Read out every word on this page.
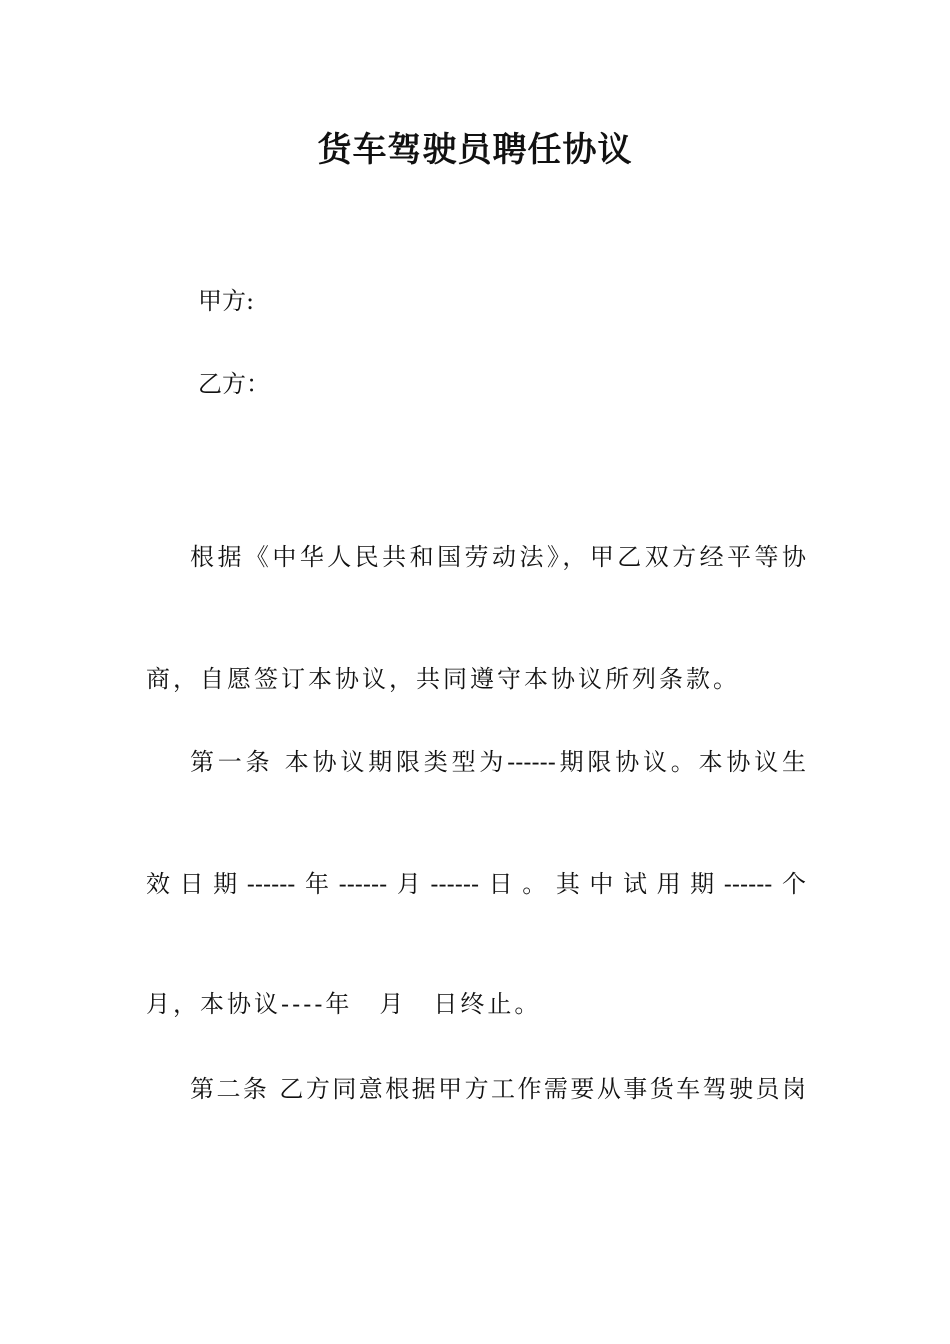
货车驾驶员聘任协议
甲方:
乙方：
根据《中华人民共和国劳动法》，甲乙双方经平等协
商，自愿签订本协议，共同遵守本协议所列条款。
第一条 本协议期限类型为------期限协议。本协议生
效日期------年------月------日。其中试用期------个
月，本协议----年　月　日终止。
第二条 乙方同意根据甲方工作需要从事货车驾驶员岗
